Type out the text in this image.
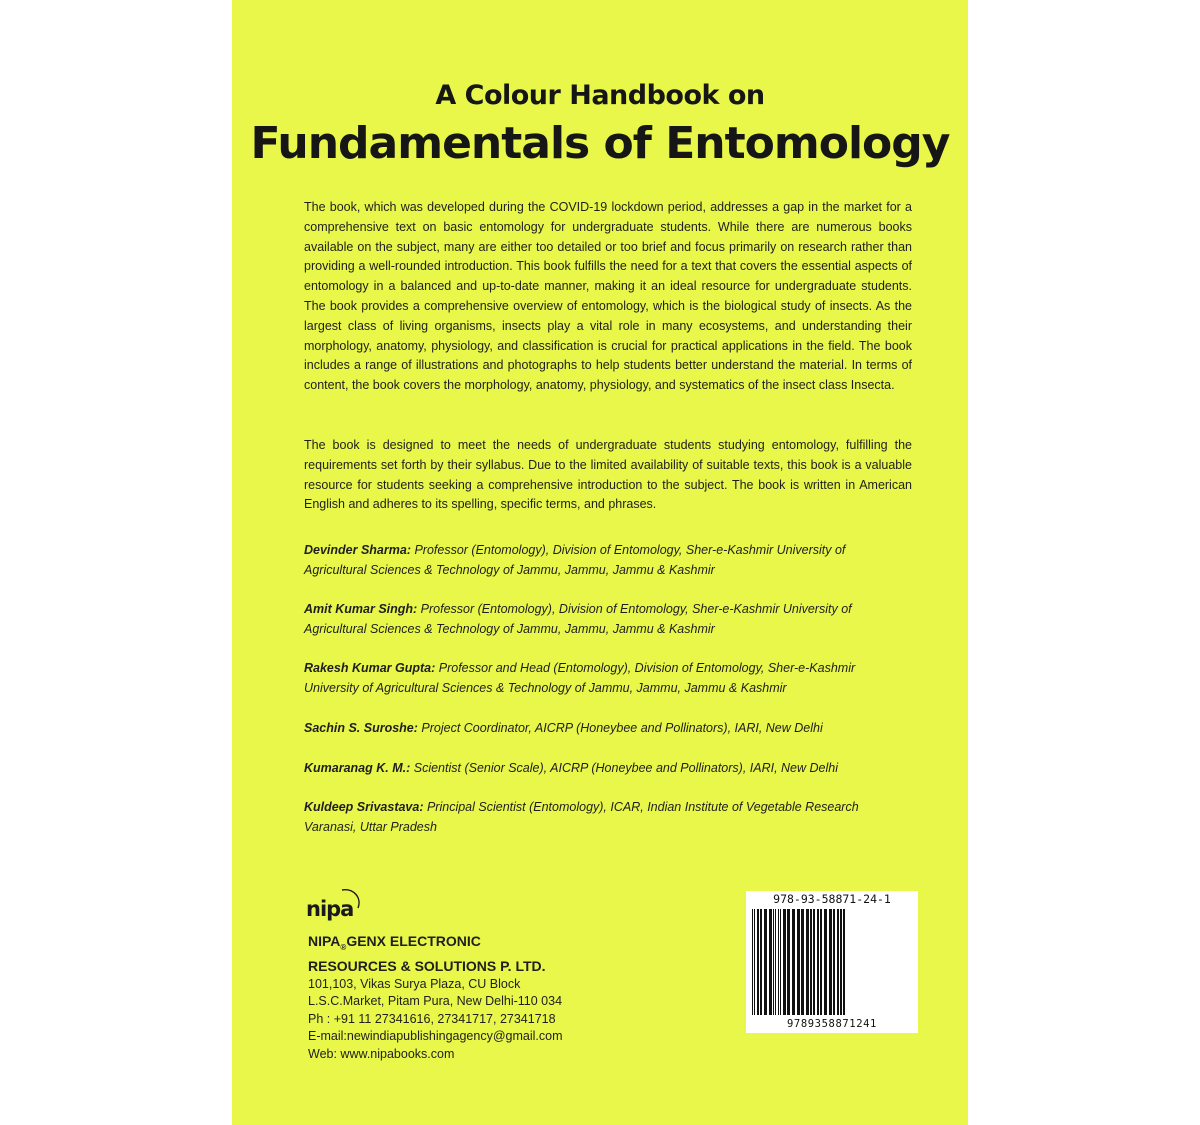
A Colour Handbook on
Fundamentals of Entomology

The book, which was developed during the COVID-19 lockdown period, addresses a gap in the market for a comprehensive text on basic entomology for undergraduate students. While there are numerous books available on the subject, many are either too detailed or too brief and focus primarily on research rather than providing a well-rounded introduction. This book fulfills the need for a text that covers the essential aspects of entomology in a balanced and up-to-date manner, making it an ideal resource for undergraduate students. The book provides a comprehensive overview of entomology, which is the biological study of insects. As the largest class of living organisms, insects play a vital role in many ecosystems, and understanding their morphology, anatomy, physiology, and classification is crucial for practical applications in the field. The book includes a range of illustrations and photographs to help students better understand the material. In terms of content, the book covers the morphology, anatomy, physiology, and systematics of the insect class Insecta.

The book is designed to meet the needs of undergraduate students studying entomology, fulfilling the requirements set forth by their syllabus. Due to the limited availability of suitable texts, this book is a valuable resource for students seeking a comprehensive introduction to the subject. The book is written in American English and adheres to its spelling, specific terms, and phrases.

Devinder Sharma: Professor (Entomology), Division of Entomology, Sher-e-Kashmir University of Agricultural Sciences & Technology of Jammu, Jammu, Jammu & Kashmir

Amit Kumar Singh: Professor (Entomology), Division of Entomology, Sher-e-Kashmir University of Agricultural Sciences & Technology of Jammu, Jammu, Jammu & Kashmir

Rakesh Kumar Gupta: Professor and Head (Entomology), Division of Entomology, Sher-e-Kashmir University of Agricultural Sciences & Technology of Jammu, Jammu, Jammu & Kashmir

Sachin S. Suroshe: Project Coordinator, AICRP (Honeybee and Pollinators), IARI, New Delhi

Kumaranag K. M.: Scientist (Senior Scale), AICRP (Honeybee and Pollinators), IARI, New Delhi

Kuldeep Srivastava: Principal Scientist (Entomology), ICAR, Indian Institute of Vegetable Research Varanasi, Uttar Pradesh

nipa
$NIPA_®GENX$ ELECTRONIC
RESOURCES & SOLUTIONS P. LTD.
101,103, Vikas Surya Plaza, CU Block
L.S.C.Market, Pitam Pura, New Delhi-110 034
Ph : +91 11 27341616, 27341717, 27341718
E-mail:newindiapublishingagency@gmail.com
Web: www.nipabooks.com
978-93-58871-24-1
9789358871241
